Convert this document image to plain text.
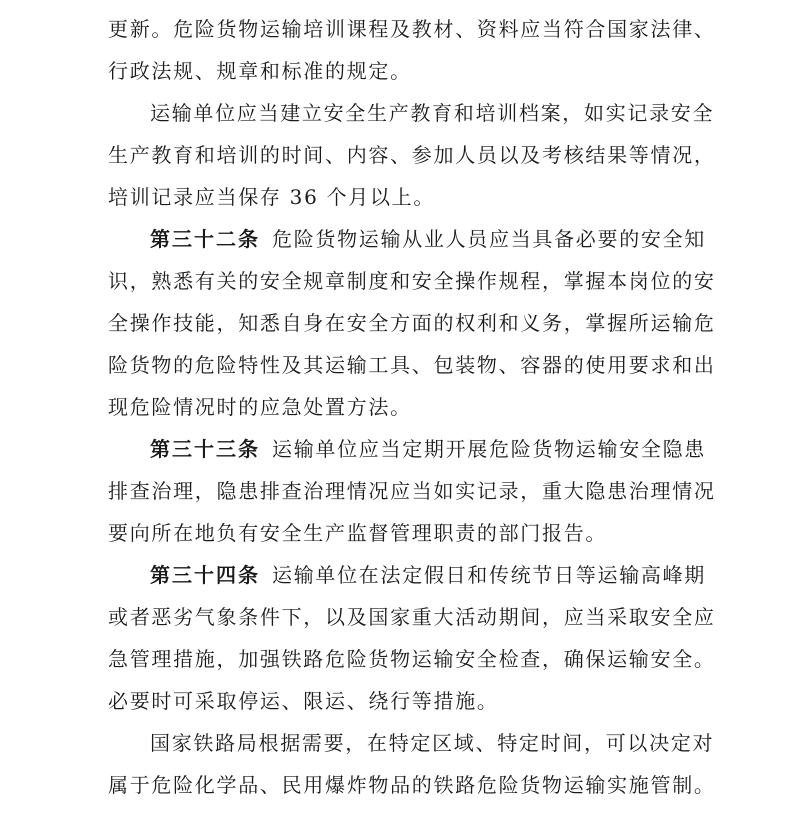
更新。危险货物运输培训课程及教材、资料应当符合国家法律、
行政法规、规章和标准的规定。
运输单位应当建立安全生产教育和培训档案，如实记录安全
生产教育和培训的时间、内容、参加人员以及考核结果等情况，
培训记录应当保存 36 个月以上。
第三十二条 危险货物运输从业人员应当具备必要的安全知
识，熟悉有关的安全规章制度和安全操作规程，掌握本岗位的安
全操作技能，知悉自身在安全方面的权利和义务，掌握所运输危
险货物的危险特性及其运输工具、包装物、容器的使用要求和出
现危险情况时的应急处置方法。
第三十三条 运输单位应当定期开展危险货物运输安全隐患
排查治理，隐患排查治理情况应当如实记录，重大隐患治理情况
要向所在地负有安全生产监督管理职责的部门报告。
第三十四条 运输单位在法定假日和传统节日等运输高峰期
或者恶劣气象条件下，以及国家重大活动期间，应当采取安全应
急管理措施，加强铁路危险货物运输安全检查，确保运输安全。
必要时可采取停运、限运、绕行等措施。
国家铁路局根据需要，在特定区域、特定时间，可以决定对
属于危险化学品、民用爆炸物品的铁路危险货物运输实施管制。
